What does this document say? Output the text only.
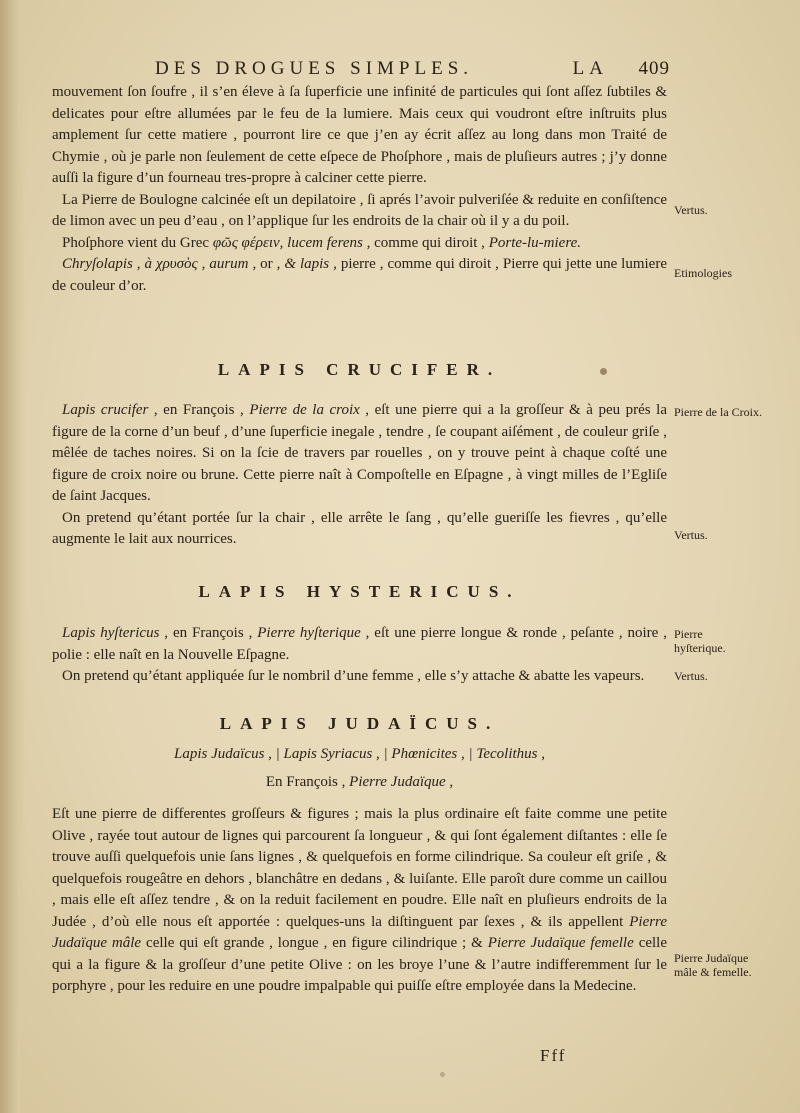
DES DROGUES SIMPLES.	LA 409

mouvement ſon ſoufre , il s’en éleve à ſa ſuperficie une infinité de particules qui ſont aſſez ſubtiles & delicates pour eſtre allumées par le feu de la lumiere. Mais ceux qui voudront eſtre inſtruits plus amplement ſur cette matiere , pourront lire ce que j’en ay écrit aſſez au long dans mon Traité de Chymie , où je parle non ſeulement de cette eſpece de Phoſphore , mais de pluſieurs autres ; j’y donne auſſi la figure d’un fourneau tres-propre à calciner cette pierre.

La Pierre de Boulogne calcinée eſt un depilatoire , ſi aprés l’avoir pulveriſée & reduite en conſiſtence de limon avec un peu d’eau , on l’applique ſur les endroits de la chair où il y a du poil.

Phoſphore vient du Grec φῶς φέρειν, lucem ferens , comme qui diroit , Porte-lu-miere.

Chryſolapis , à χρυσὸς , aurum , or , & lapis , pierre , comme qui diroit , Pierre qui jette une lumiere de couleur d’or.

LAPIS CRUCIFER.

Lapis crucifer , en François , Pierre de la croix , eſt une pierre qui a la groſſeur & à peu prés la figure de la corne d’un beuf , d’une ſuperficie inegale , tendre , ſe coupant aiſément , de couleur griſe , mêlée de taches noires. Si on la ſcie de travers par rouelles , on y trouve peint à chaque coſté une figure de croix noire ou brune. Cette pierre naît à Compoſtelle en Eſpagne , à vingt milles de l’Egliſe de ſaint Jacques.

On pretend qu’étant portée ſur la chair , elle arrête le ſang , qu’elle gueriſſe les fievres , qu’elle augmente le lait aux nourrices.

LAPIS HYSTERICUS.

Lapis hyſtericus , en François , Pierre hyſterique , eſt une pierre longue & ronde , peſante , noire , polie : elle naît en la Nouvelle Eſpagne.

On pretend qu’étant appliquée ſur le nombril d’une femme , elle s’y attache & abatte les vapeurs.

LAPIS JUDAÏCUS.
Lapis Judaïcus , | Lapis Syriacus , | Phœnicites , | Tecolithus ,
En François , Pierre Judaïque ,

Eſt une pierre de differentes groſſeurs & figures ; mais la plus ordinaire eſt faite comme une petite Olive , rayée tout autour de lignes qui parcourent ſa longueur , & qui ſont également diſtantes : elle ſe trouve auſſi quelquefois unie ſans lignes , & quelquefois en forme cilindrique. Sa couleur eſt griſe , & quelquefois rougeâtre en dehors , blanchâtre en dedans , & luiſante. Elle paroît dure comme un caillou , mais elle eſt aſſez tendre , & on la reduit facilement en poudre. Elle naît en pluſieurs endroits de la Judée , d’où elle nous eſt apportée : quelques-uns la diſtinguent par ſexes , & ils appellent Pierre Judaïque mâle celle qui eſt grande , longue , en figure cilindrique ; & Pierre Judaïque femelle celle qui a la figure & la groſſeur d’une petite Olive : on les broye l’une & l’autre indifferemment ſur le porphyre , pour les reduire en une poudre impalpable qui puiſſe eſtre employée dans la Medecine.

Vertus.
Etimologies
Pierre de la Croix.
Vertus.
Pierre hyſterique.
Vertus.
Pierre Judaïque mâle & femelle.
Fff
